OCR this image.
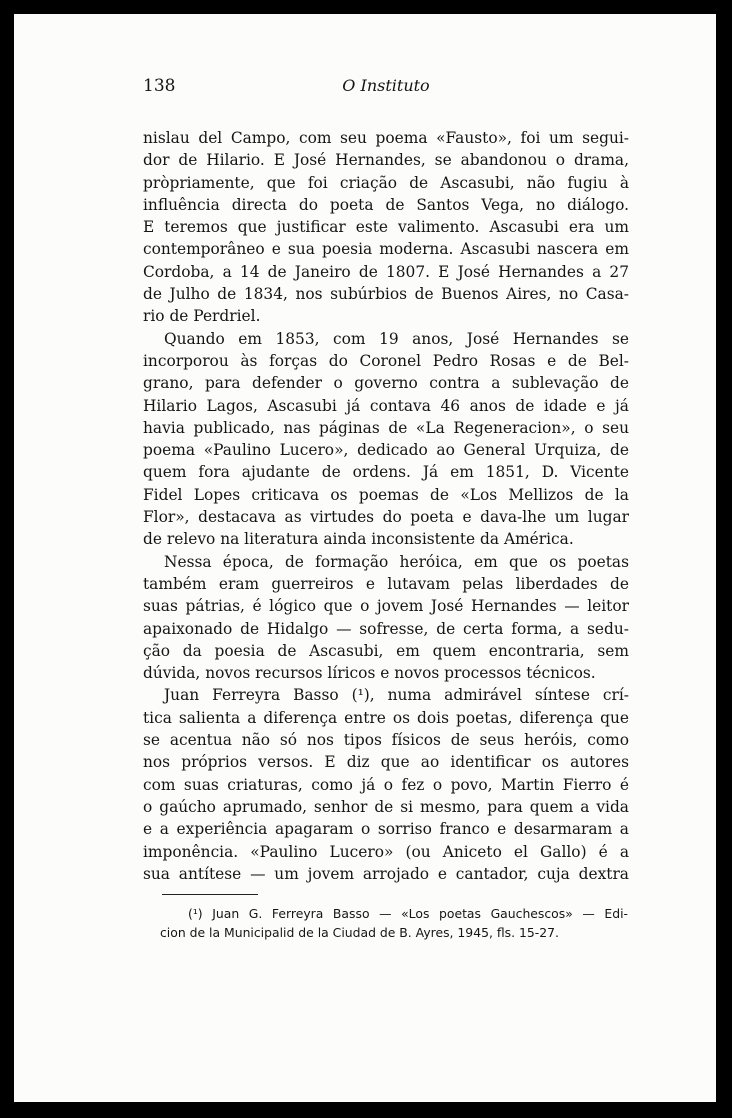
138	O Instituto

nislau del Campo, com seu poema «Fausto», foi um segui-
dor de Hilario. E José Hernandes, se abandonou o drama,
pròpriamente, que foi criação de Ascasubi, não fugiu à
influência directa do poeta de Santos Vega, no diálogo.
E teremos que justificar este valimento. Ascasubi era um
contemporâneo e sua poesia moderna. Ascasubi nascera em
Cordoba, a 14 de Janeiro de 1807. E José Hernandes a 27
de Julho de 1834, nos subúrbios de Buenos Aires, no Casa-
rio de Perdriel.

Quando em 1853, com 19 anos, José Hernandes se
incorporou às forças do Coronel Pedro Rosas e de Bel-
grano, para defender o governo contra a sublevação de
Hilario Lagos, Ascasubi já contava 46 anos de idade e já
havia publicado, nas páginas de «La Regeneracion», o seu
poema «Paulino Lucero», dedicado ao General Urquiza, de
quem fora ajudante de ordens. Já em 1851, D. Vicente
Fidel Lopes criticava os poemas de «Los Mellizos de la
Flor», destacava as virtudes do poeta e dava-lhe um lugar
de relevo na literatura ainda inconsistente da América.

Nessa época, de formação heróica, em que os poetas
também eram guerreiros e lutavam pelas liberdades de
suas pátrias, é lógico que o jovem José Hernandes — leitor
apaixonado de Hidalgo — sofresse, de certa forma, a sedu-
ção da poesia de Ascasubi, em quem encontraria, sem
dúvida, novos recursos líricos e novos processos técnicos.

Juan Ferreyra Basso (¹), numa admirável síntese crí-
tica salienta a diferença entre os dois poetas, diferença que
se acentua não só nos tipos físicos de seus heróis, como
nos próprios versos. E diz que ao identificar os autores
com suas criaturas, como já o fez o povo, Martin Fierro é
o gaúcho aprumado, senhor de si mesmo, para quem a vida
e a experiência apagaram o sorriso franco e desarmaram a
imponência. «Paulino Lucero» (ou Aniceto el Gallo) é a
sua antítese — um jovem arrojado e cantador, cuja dextra

(¹) Juan G. Ferreyra Basso — «Los poetas Gauchescos» — Edi-
cion de la Municipalid de la Ciudad de B. Ayres, 1945, fls. 15-27.
